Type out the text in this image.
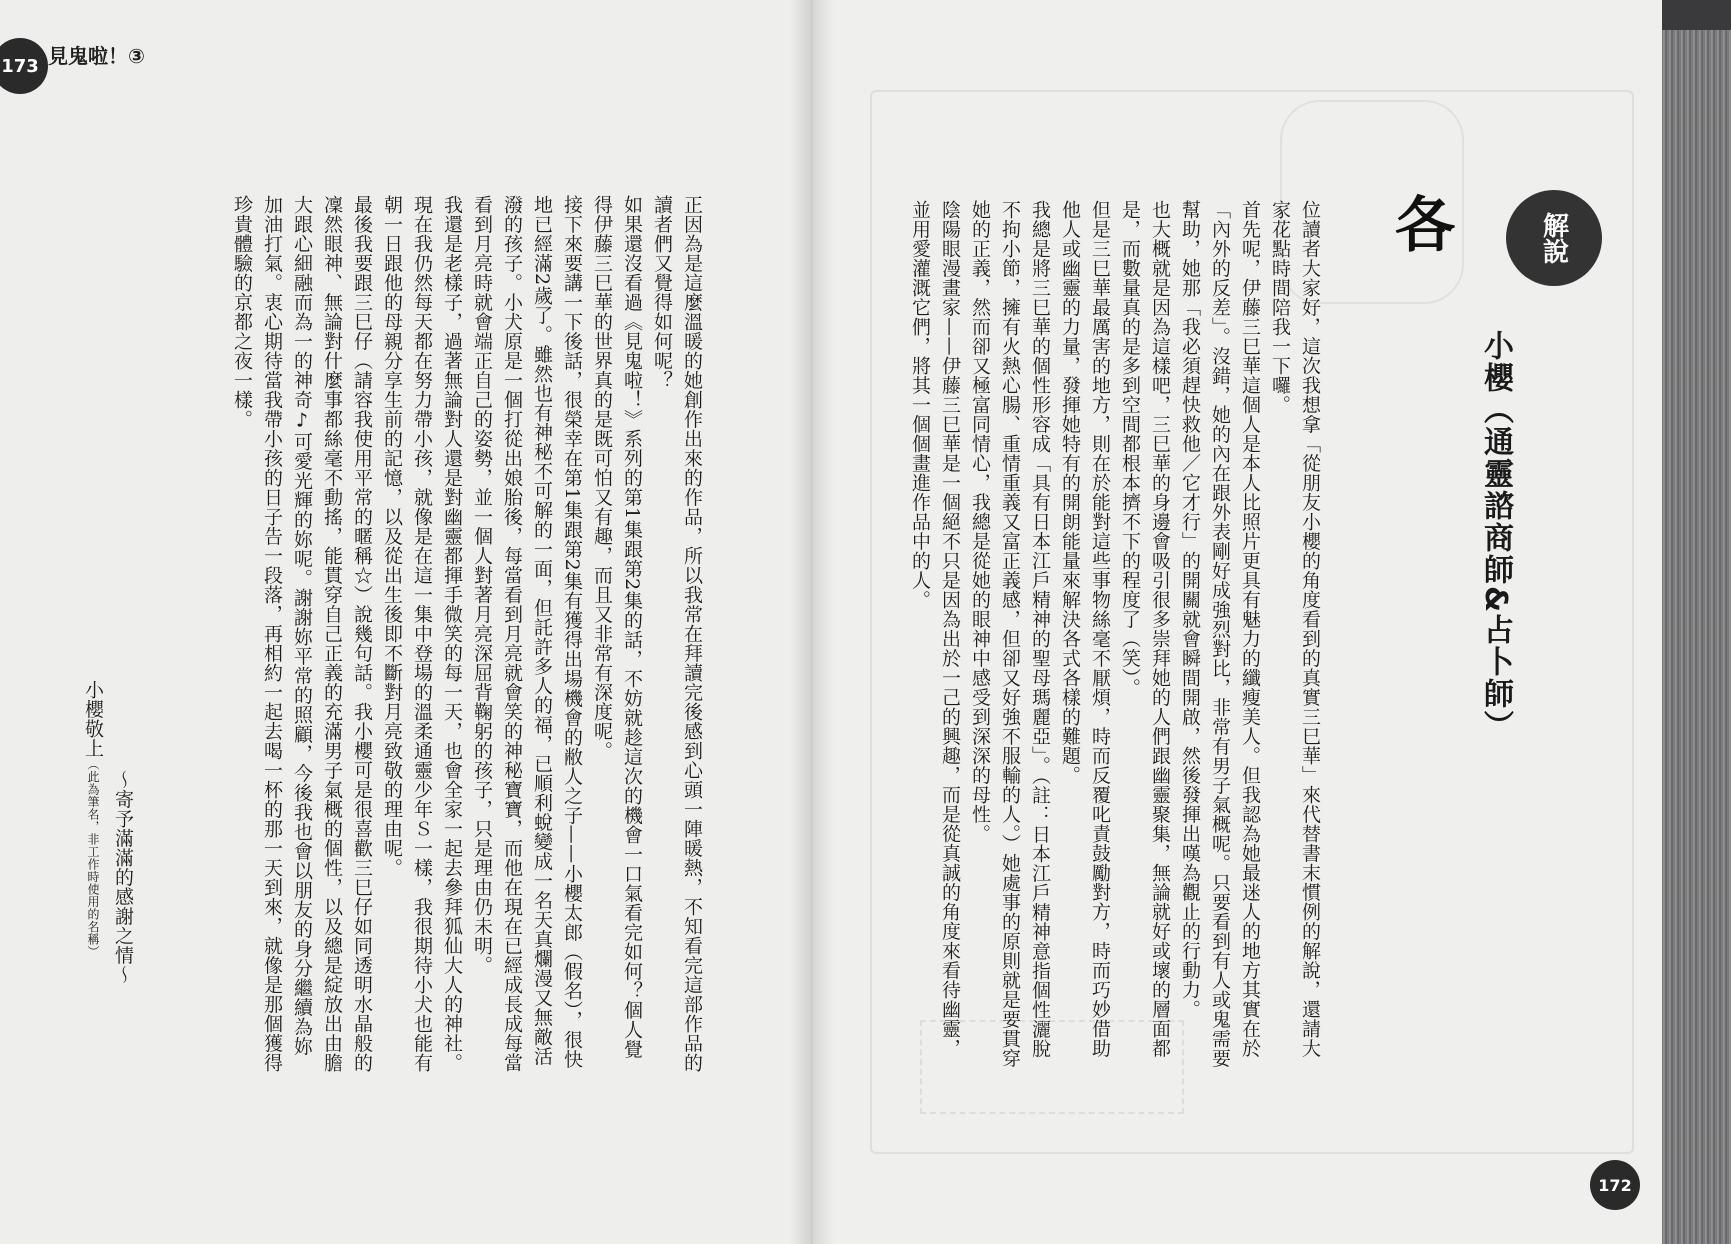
173 見鬼啦！③

正因為是這麼溫暖的她創作出來的作品，所以我常在拜讀完後感到心頭一陣暖熱，不知看完這部作品的讀者們又覺得如何呢？

如果還沒看過《見鬼啦！》系列的第1集跟第2集的話，不妨就趁這次的機會一口氣看完如何？個人覺得伊藤三巳華的世界真的是既可怕又有趣，而且又非常有深度呢。

接下來要講一下後話，很榮幸在第1集跟第2集有獲得出場機會的敝人之子——小櫻太郎（假名），很快地已經滿2歲了。雖然也有神秘不可解的一面，但託許多人的福，已順利蛻變成一名天真爛漫又無敵活潑的孩子。小犬原是一個打從出娘胎後，每當看到月亮就會笑的神秘寶寶，而他在現在已經成長成每當看到月亮時就會端正自己的姿勢，並一個人對著月亮深屈背鞠躬的孩子，只是理由仍未明。

我還是老樣子，過著無論對人還是對幽靈都揮手微笑的每一天，也會全家一起去參拜狐仙大人的神社。現在我仍然每天都在努力帶小孩，就像是在這一集中登場的溫柔通靈少年Ｓ一樣，我很期待小犬也能有朝一日跟他的母親分享生前的記憶，以及從出生後即不斷對月亮致敬的理由呢。

最後我要跟三巳仔（請容我使用平常的暱稱☆）說幾句話。我小櫻可是很喜歡三巳仔如同透明水晶般的凜然眼神、無論對什麼事都絲毫不動搖，能貫穿自己正義的充滿男子氣概的個性，以及總是綻放出由膽大跟心細融而為一的神奇♪可愛光輝的妳呢。謝謝妳平常的照顧，今後我也會以朋友的身分繼續為妳加油打氣。衷心期待當我帶小孩的日子告一段落，再相約一起去喝一杯的那一天到來，就像是那個獲得珍貴體驗的京都之夜一樣。

～寄予滿滿的感謝之情～
小櫻敬上（此為筆名，非工作時使用的名稱）
解說
小櫻（通靈諮商師&占卜師）
各

位讀者大家好，這次我想拿「從朋友小櫻的角度看到的真實三巳華」來代替書末慣例的解說，還請大家花點時間陪我一下囉。

首先呢，伊藤三巳華這個人是本人比照片更具有魅力的纖瘦美人。但我認為她最迷人的地方其實在於「內外的反差」。沒錯，她的內在跟外表剛好成強烈對比，非常有男子氣概呢。只要看到有人或鬼需要幫助，她那「我必須趕快救他／它才行」的開關就會瞬間開啟，然後發揮出嘆為觀止的行動力。

也大概就是因為這樣吧，三巳華的身邊會吸引很多崇拜她的人們跟幽靈聚集，無論就好或壞的層面都是，而數量真的是多到空間都根本擠不下的程度了（笑）。

但是三巳華最厲害的地方，則在於能對這些事物絲毫不厭煩，時而反覆叱責鼓勵對方，時而巧妙借助他人或幽靈的力量，發揮她特有的開朗能量來解決各式各樣的難題。

我總是將三巳華的個性形容成「具有日本江戶精神的聖母瑪麗亞」。（註：日本江戶精神意指個性灑脫不拘小節，擁有火熱心腸、重情重義又富正義感，但卻又好強不服輸的人。）她處事的原則就是要貫穿她的正義，然而卻又極富同情心，我總是從她的眼神中感受到深深的母性。

陰陽眼漫畫家——伊藤三巳華是一個絕不只是因為出於一己的興趣，而是從真誠的角度來看待幽靈，並用愛灌溉它們，將其一個個畫進作品中的人。

172
